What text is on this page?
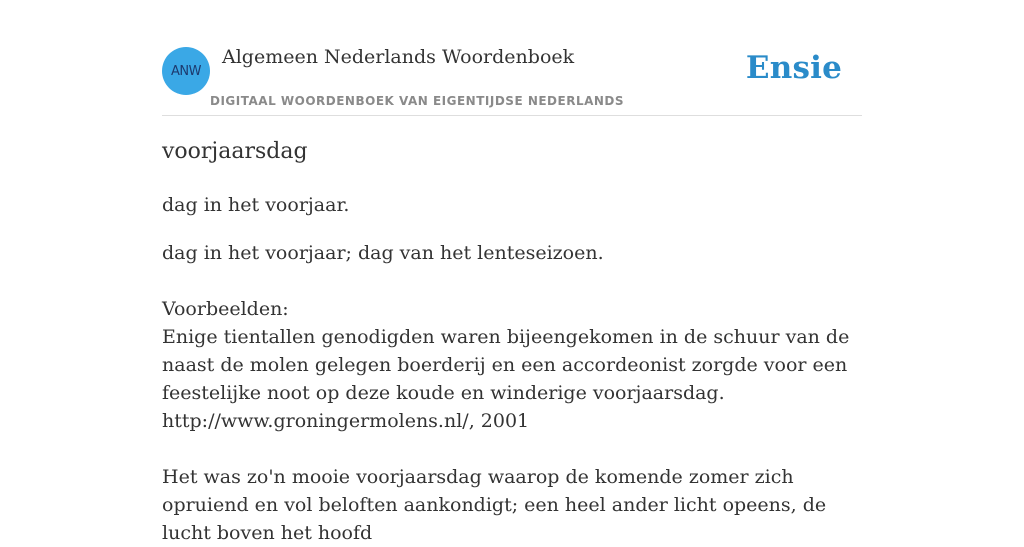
ANW
Algemeen Nederlands Woordenboek
DIGITAAL WOORDENBOEK VAN EIGENTIJDSE NEDERLANDS
Ensie
voorjaarsdag
dag in het voorjaar.

dag in het voorjaar; dag van het lenteseizoen.

Voorbeelden:

Enige tientallen genodigden waren bijeengekomen in de schuur van de naast de molen gelegen boerderij en een accordeonist zorgde voor een feestelijke noot op deze koude en winderige voorjaarsdag.

http://www.groningermolens.nl/, 2001

Het was zo'n mooie voorjaarsdag waarop de komende zomer zich opruiend en vol beloften aankondigt; een heel ander licht opeens, de lucht boven het hoofd
